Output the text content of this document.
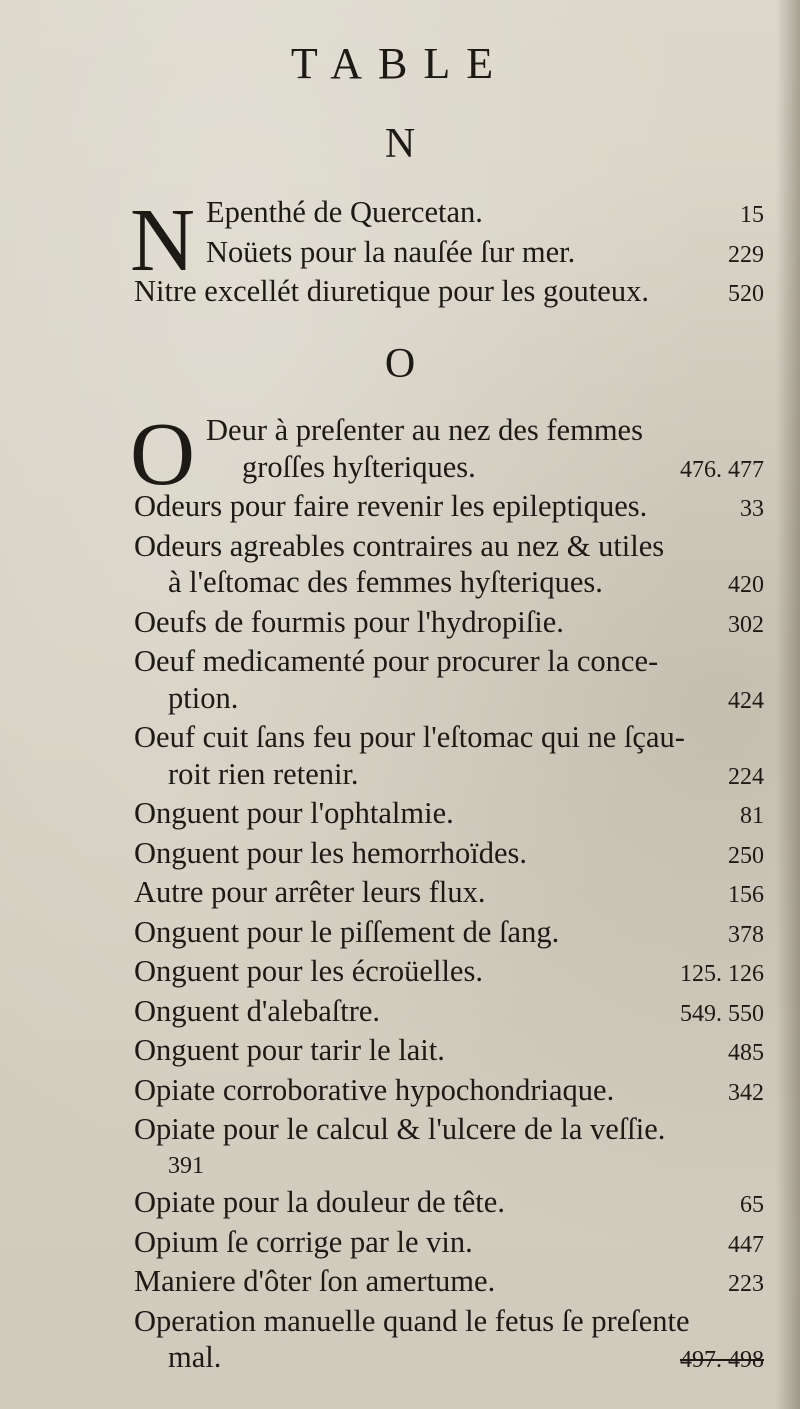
TABLE
N
N Epenthé de Quercetan.	15
Noüets pour la nauſée ſur mer.	229
Nitre excellét diuretique pour les gouteux.	520
O
O Deur à preſenter au nez des femmes
groſſes hyſteriques.	476. 477
Odeurs pour faire revenir les epileptiques.	33
Odeurs agreables contraires au nez & utiles
à l'eſtomac des femmes hyſteriques.	420
Oeufs de fourmis pour l'hydropiſie.	302
Oeuf medicamenté pour procurer la conce-
ption.	424
Oeuf cuit ſans feu pour l'eſtomac qui ne ſçau-
roit rien retenir.	224
Onguent pour l'ophtalmie.	81
Onguent pour les hemorrhoïdes.	250
Autre pour arrêter leurs flux.	156
Onguent pour le piſſement de ſang.	378
Onguent pour les écroüelles.	125. 126
Onguent d'alebaſtre.	549. 550
Onguent pour tarir le lait.	485
Opiate corroborative hypochondriaque.	342
Opiate pour le calcul & l'ulcere de la veſſie.
391
Opiate pour la douleur de tête.	65
Opium ſe corrige par le vin.	447
Maniere d'ôter ſon amertume.	223
Operation manuelle quand le fetus ſe preſente
mal.	497. 498
